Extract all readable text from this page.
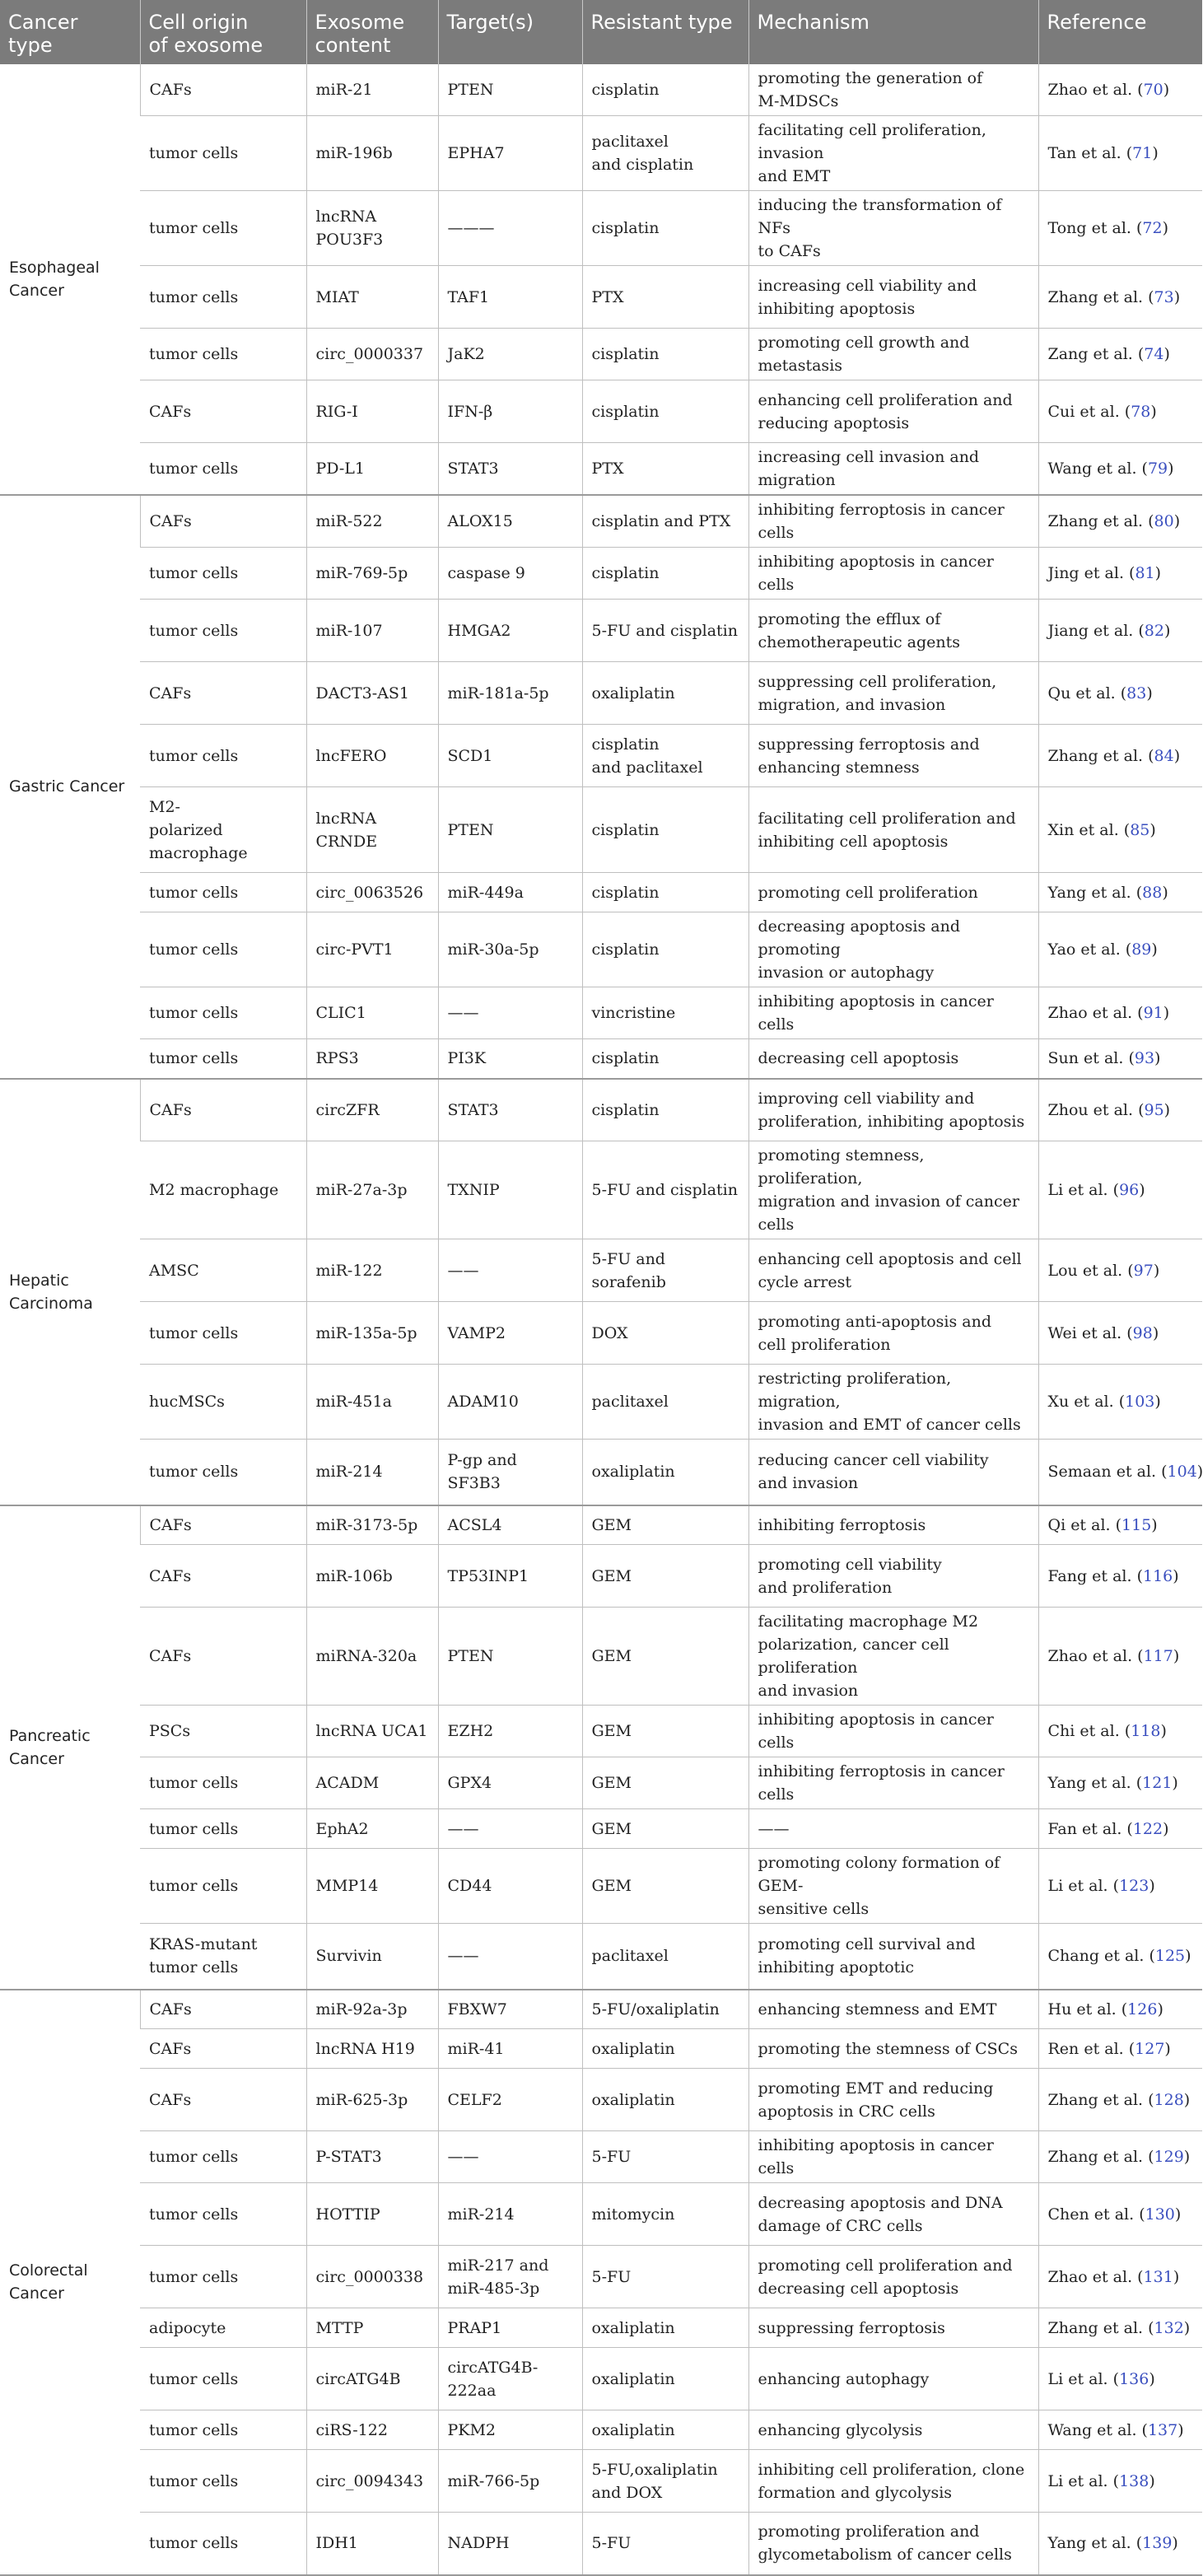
Cancer
type	Cell origin
of exosome	Exosome
content	Target(s)	Resistant type	Mechanism	Reference
Esophageal
Cancer	CAFs	miR-21	PTEN	cisplatin	promoting the generation of
M-MDSCs	Zhao et al. (70)
	tumor cells	miR-196b	EPHA7	paclitaxel
and cisplatin	facilitating cell proliferation, invasion
and EMT	Tan et al. (71)
	tumor cells	lncRNA
POU3F3	———	cisplatin	inducing the transformation of NFs
to CAFs	Tong et al. (72)
	tumor cells	MIAT	TAF1	PTX	increasing cell viability and
inhibiting apoptosis	Zhang et al. (73)
	tumor cells	circ_0000337	JaK2	cisplatin	promoting cell growth and metastasis	Zang et al. (74)
	CAFs	RIG-I	IFN-β	cisplatin	enhancing cell proliferation and
reducing apoptosis	Cui et al. (78)
	tumor cells	PD-L1	STAT3	PTX	increasing cell invasion and migration	Wang et al. (79)
Gastric Cancer	CAFs	miR-522	ALOX15	cisplatin and PTX	inhibiting ferroptosis in cancer cells	Zhang et al. (80)
	tumor cells	miR-769-5p	caspase 9	cisplatin	inhibiting apoptosis in cancer cells	Jing et al. (81)
	tumor cells	miR-107	HMGA2	5-FU and cisplatin	promoting the efflux of
chemotherapeutic agents	Jiang et al. (82)
	CAFs	DACT3-AS1	miR-181a-5p	oxaliplatin	suppressing cell proliferation,
migration, and invasion	Qu et al. (83)
	tumor cells	lncFERO	SCD1	cisplatin
and paclitaxel	suppressing ferroptosis and
enhancing stemness	Zhang et al. (84)
	M2-
polarized
macrophage	lncRNA
CRNDE	PTEN	cisplatin	facilitating cell proliferation and
inhibiting cell apoptosis	Xin et al. (85)
	tumor cells	circ_0063526	miR-449a	cisplatin	promoting cell proliferation	Yang et al. (88)
	tumor cells	circ-PVT1	miR-30a-5p	cisplatin	decreasing apoptosis and promoting
invasion or autophagy	Yao et al. (89)
	tumor cells	CLIC1	——	vincristine	inhibiting apoptosis in cancer cells	Zhao et al. (91)
	tumor cells	RPS3	PI3K	cisplatin	decreasing cell apoptosis	Sun et al. (93)
Hepatic
Carcinoma	CAFs	circZFR	STAT3	cisplatin	improving cell viability and
proliferation, inhibiting apoptosis	Zhou et al. (95)
	M2 macrophage	miR-27a-3p	TXNIP	5-FU and cisplatin	promoting stemness, proliferation,
migration and invasion of cancer cells	Li et al. (96)
	AMSC	miR-122	——	5-FU and sorafenib	enhancing cell apoptosis and cell
cycle arrest	Lou et al. (97)
	tumor cells	miR-135a-5p	VAMP2	DOX	promoting anti-apoptosis and
cell proliferation	Wei et al. (98)
	hucMSCs	miR-451a	ADAM10	paclitaxel	restricting proliferation, migration,
invasion and EMT of cancer cells	Xu et al. (103)
	tumor cells	miR-214	P-gp and SF3B3	oxaliplatin	reducing cancer cell viability
and invasion	Semaan et al. (104)
Pancreatic
Cancer	CAFs	miR-3173-5p	ACSL4	GEM	inhibiting ferroptosis	Qi et al. (115)
	CAFs	miR-106b	TP53INP1	GEM	promoting cell viability
and proliferation	Fang et al. (116)
	CAFs	miRNA-320a	PTEN	GEM	facilitating macrophage M2
polarization, cancer cell proliferation
and invasion	Zhao et al. (117)
	PSCs	lncRNA UCA1	EZH2	GEM	inhibiting apoptosis in cancer cells	Chi et al. (118)
	tumor cells	ACADM	GPX4	GEM	inhibiting ferroptosis in cancer cells	Yang et al. (121)
	tumor cells	EphA2	——	GEM	——	Fan et al. (122)
	tumor cells	MMP14	CD44	GEM	promoting colony formation of GEM-
sensitive cells	Li et al. (123)
	KRAS-mutant
tumor cells	Survivin	——	paclitaxel	promoting cell survival and
inhibiting apoptotic	Chang et al. (125)
Colorectal
Cancer	CAFs	miR-92a-3p	FBXW7	5-FU/oxaliplatin	enhancing stemness and EMT	Hu et al. (126)
	CAFs	lncRNA H19	miR-41	oxaliplatin	promoting the stemness of CSCs	Ren et al. (127)
	CAFs	miR-625-3p	CELF2	oxaliplatin	promoting EMT and reducing
apoptosis in CRC cells	Zhang et al. (128)
	tumor cells	P-STAT3	——	5-FU	inhibiting apoptosis in cancer cells	Zhang et al. (129)
	tumor cells	HOTTIP	miR-214	mitomycin	decreasing apoptosis and DNA
damage of CRC cells	Chen et al. (130)
	tumor cells	circ_0000338	miR-217 and
miR-485-3p	5-FU	promoting cell proliferation and
decreasing cell apoptosis	Zhao et al. (131)
	adipocyte	MTTP	PRAP1	oxaliplatin	suppressing ferroptosis	Zhang et al. (132)
	tumor cells	circATG4B	circATG4B-
222aa	oxaliplatin	enhancing autophagy	Li et al. (136)
	tumor cells	ciRS-122	PKM2	oxaliplatin	enhancing glycolysis	Wang et al. (137)
	tumor cells	circ_0094343	miR-766-5p	5-FU,oxaliplatin
and DOX	inhibiting cell proliferation, clone
formation and glycolysis	Li et al. (138)
	tumor cells	IDH1	NADPH	5-FU	promoting proliferation and
glycometabolism of cancer cells	Yang et al. (139)
